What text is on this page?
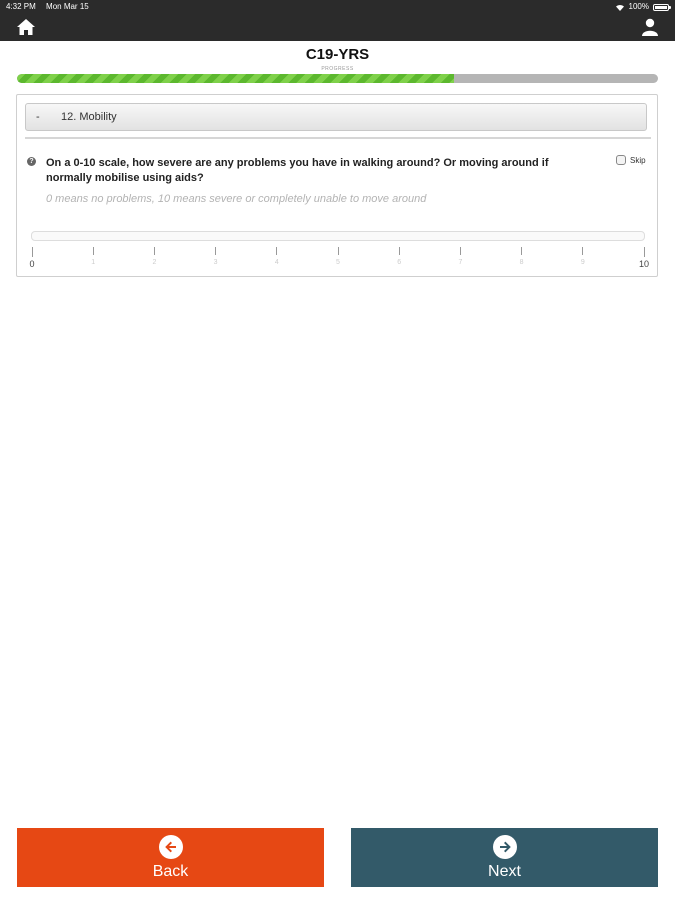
4:32 PM Mon Mar 15	100%
C19-YRS
PROGRESS
- 12. Mobility
? On a 0-10 scale, how severe are any problems you have in walking around? Or moving around if normally mobilise using aids?
0 means no problems, 10 means severe or completely unable to move around
Skip
0	1	2	3	4	5	6	7	8	9	10
Back	Next
